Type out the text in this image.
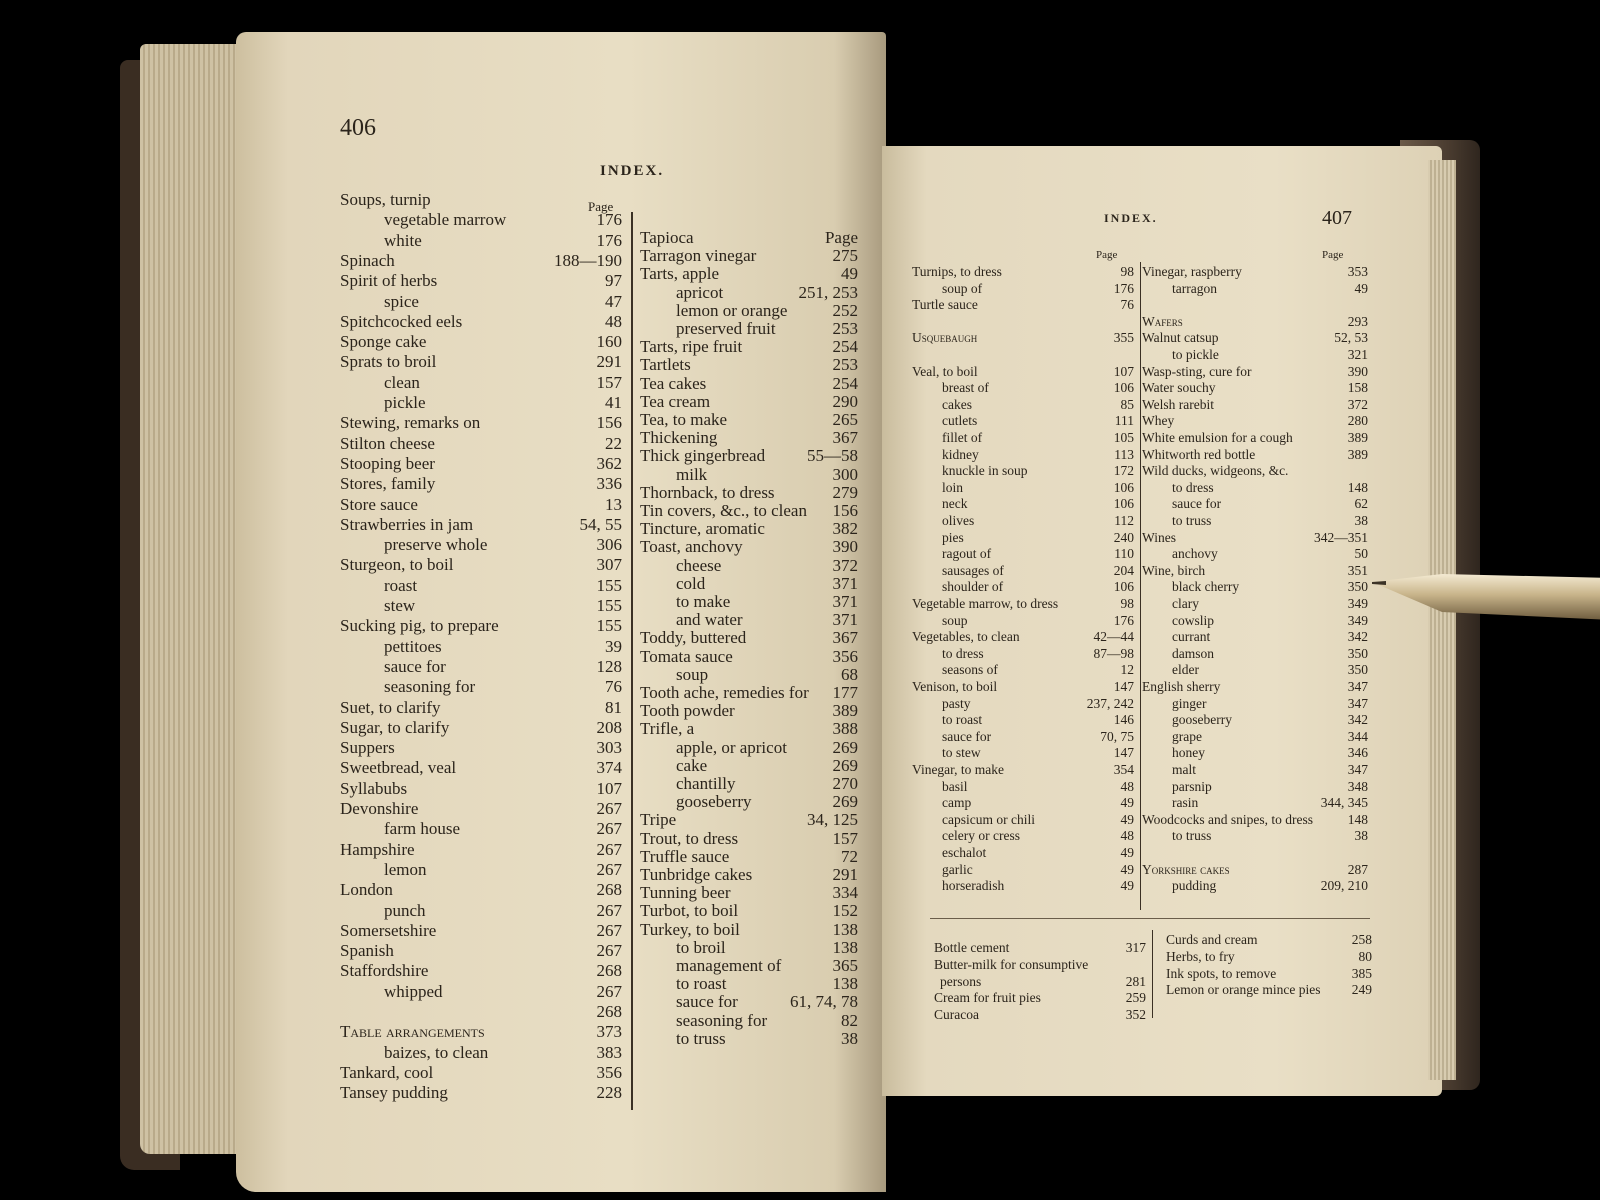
406
INDEX.
Page
Soups, turnip
vegetable marrow	176
white	176
Spinach	188—190
Spirit of herbs	97
spice	47
Spitchcocked eels	48
Sponge cake	160
Sprats to broil	291
clean	157
pickle	41
Stewing, remarks on	156
Stilton cheese	22
Stooping beer	362
Stores, family	336
Store sauce	13
Strawberries in jam	54, 55
preserve whole	306
Sturgeon, to boil	307
roast	155
stew	155
Sucking pig, to prepare	155
pettitoes	39
sauce for	128
seasoning for	76
Suet, to clarify	81
Sugar, to clarify	208
Suppers	303
Sweetbread, veal	374
Syllabubs	107
Devonshire	267
farm house	267
Hampshire	267
lemon	267
London	268
punch	267
Somersetshire	267
Spanish	267
Staffordshire	268
whipped	267
268
Table arrangements	373
baizes, to clean	383
Tankard, cool	356
Tansey pudding	228
Tapioca	Page
Tarragon vinegar	275
Tarts, apple	49
apricot	251, 253
lemon or orange	252
preserved fruit	253
Tarts, ripe fruit	254
Tartlets	253
Tea cakes	254
Tea cream	290
Tea, to make	265
Thickening	367
Thick gingerbread 55—58
milk	300
Thornback, to dress	279
Tin covers, &c., to clean 156
Tincture, aromatic	382
Toast, anchovy	390
cheese	372
cold	371
to make	371
and water	371
Toddy, buttered	367
Tomata sauce	356
soup	68
Tooth ache, remedies for 177
Tooth powder	389
Trifle, a	388
apple, or apricot	269
cake	269
chantilly	270
gooseberry	269
Tripe	34, 125
Trout, to dress	157
Truffle sauce	72
Tunbridge cakes	291
Tunning beer	334
Turbot, to boil	152
Turkey, to boil	138
to broil	138
management of	365
to roast	138
sauce for	61, 74, 78
seasoning for	82
to truss	38
INDEX.	407
Page	Page
Turnips, to dress	98
soup of	176
Turtle sauce	76
Usquebaugh	355
Veal, to boil	107
breast of	106
cakes	85
cutlets	111
fillet of	105
kidney	113
knuckle in soup	172
loin	106
neck	106
olives	112
pies	240
ragout of	110
sausages of	204
shoulder of	106
Vegetable marrow, to dress	98
soup	176
Vegetables, to clean	42—44
to dress	87—98
seasons of	12
Venison, to boil	147
pasty	237, 242
to roast	146
sauce for	70, 75
to stew	147
Vinegar, to make	354
basil	48
camp	49
capsicum or chili	49
celery or cress	48
eschalot	49
garlic	49
horseradish	49
Vinegar, raspberry	353
tarragon	49
Wafers	293
Walnut catsup	52, 53
to pickle	321
Wasp-sting, cure for	390
Water souchy	158
Welsh rarebit	372
Whey	280
White emulsion for a cough	389
Whitworth red bottle	389
Wild ducks, widgeons, &c.
to dress	148
sauce for	62
to truss	38
Wines	342—351
anchovy	50
Wine, birch	351
black cherry	350
clary	349
cowslip	349
currant	342
damson	350
elder	350
English sherry	347
ginger	347
gooseberry	342
grape	344
honey	346
malt	347
parsnip	348
rasin	344, 345
Woodcocks and snipes, to dress	148
to truss	38
Yorkshire cakes	287
pudding	209, 210
Bottle cement	317
Butter-milk for consumptive
persons	281
Cream for fruit pies	259
Curacoa	352
Curds and cream	258
Herbs, to fry	80
Ink spots, to remove	385
Lemon or orange mince pies 249
